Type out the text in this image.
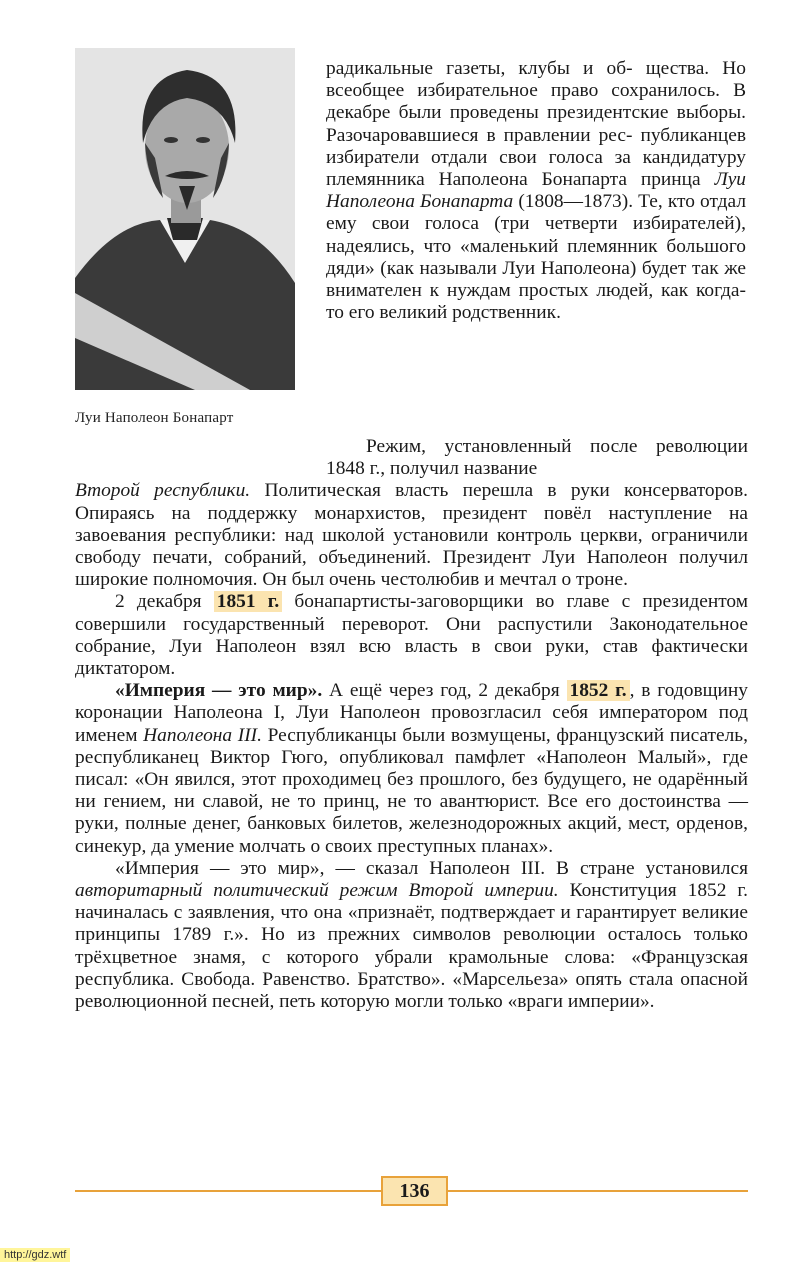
Луи Наполеон Бонапарт

радикальные газеты, клубы и об- щества. Но всеобщее избирательное право сохранилось. В декабре были проведены президентские выборы. Разочаровавшиеся в правлении рес- публиканцев избиратели отдали свои голоса за кандидатуру племянника Наполеона Бонапарта принца Луи Наполеона Бонапарта (1808—1873). Те, кто отдал ему свои голоса (три четверти избирателей), надеялись, что «маленький племянник большого дяди» (как называли Луи Наполеона) будет так же внимателен к нуждам простых людей, как когда-то его великий родственник.

Режим, установленный после революции 1848 г., получил название

Второй республики. Политическая власть перешла в руки консерваторов. Опираясь на поддержку монархистов, президент повёл наступление на завоевания республики: над школой установили контроль церкви, ограничили свободу печати, собраний, объединений. Президент Луи Наполеон получил широкие полномочия. Он был очень честолюбив и мечтал о троне.

2 декабря 1851 г. бонапартисты-заговорщики во главе с президентом совершили государственный переворот. Они распустили Законодательное собрание, Луи Наполеон взял всю власть в свои руки, став фактически диктатором.

«Империя — это мир». А ещё через год, 2 декабря 1852 г. , в годовщину коронации Наполеона I, Луи Наполеон провозгласил себя императором под именем Наполеона III. Республиканцы были возмущены, французский писатель, республиканец Виктор Гюго, опубликовал памфлет «Наполеон Малый», где писал: «Он явился, этот проходимец без прошлого, без будущего, не одарённый ни гением, ни славой, не то принц, не то авантюрист. Все его достоинства — руки, полные денег, банковых билетов, железнодорожных акций, мест, орденов, синекур, да умение молчать о своих преступных планах».

«Империя — это мир», — сказал Наполеон III. В стране установился авторитарный политический режим Второй империи. Конституция 1852 г. начиналась с заявления, что она «признаёт, подтверждает и гарантирует великие принципы 1789 г.». Но из прежних символов революции осталось только трёхцветное знамя, с которого убрали крамольные слова: «Французская республика. Свобода. Равенство. Братство». «Марсельеза» опять стала опасной революционной песней, петь которую могли только «враги империи».

136
http://gdz.wtf
